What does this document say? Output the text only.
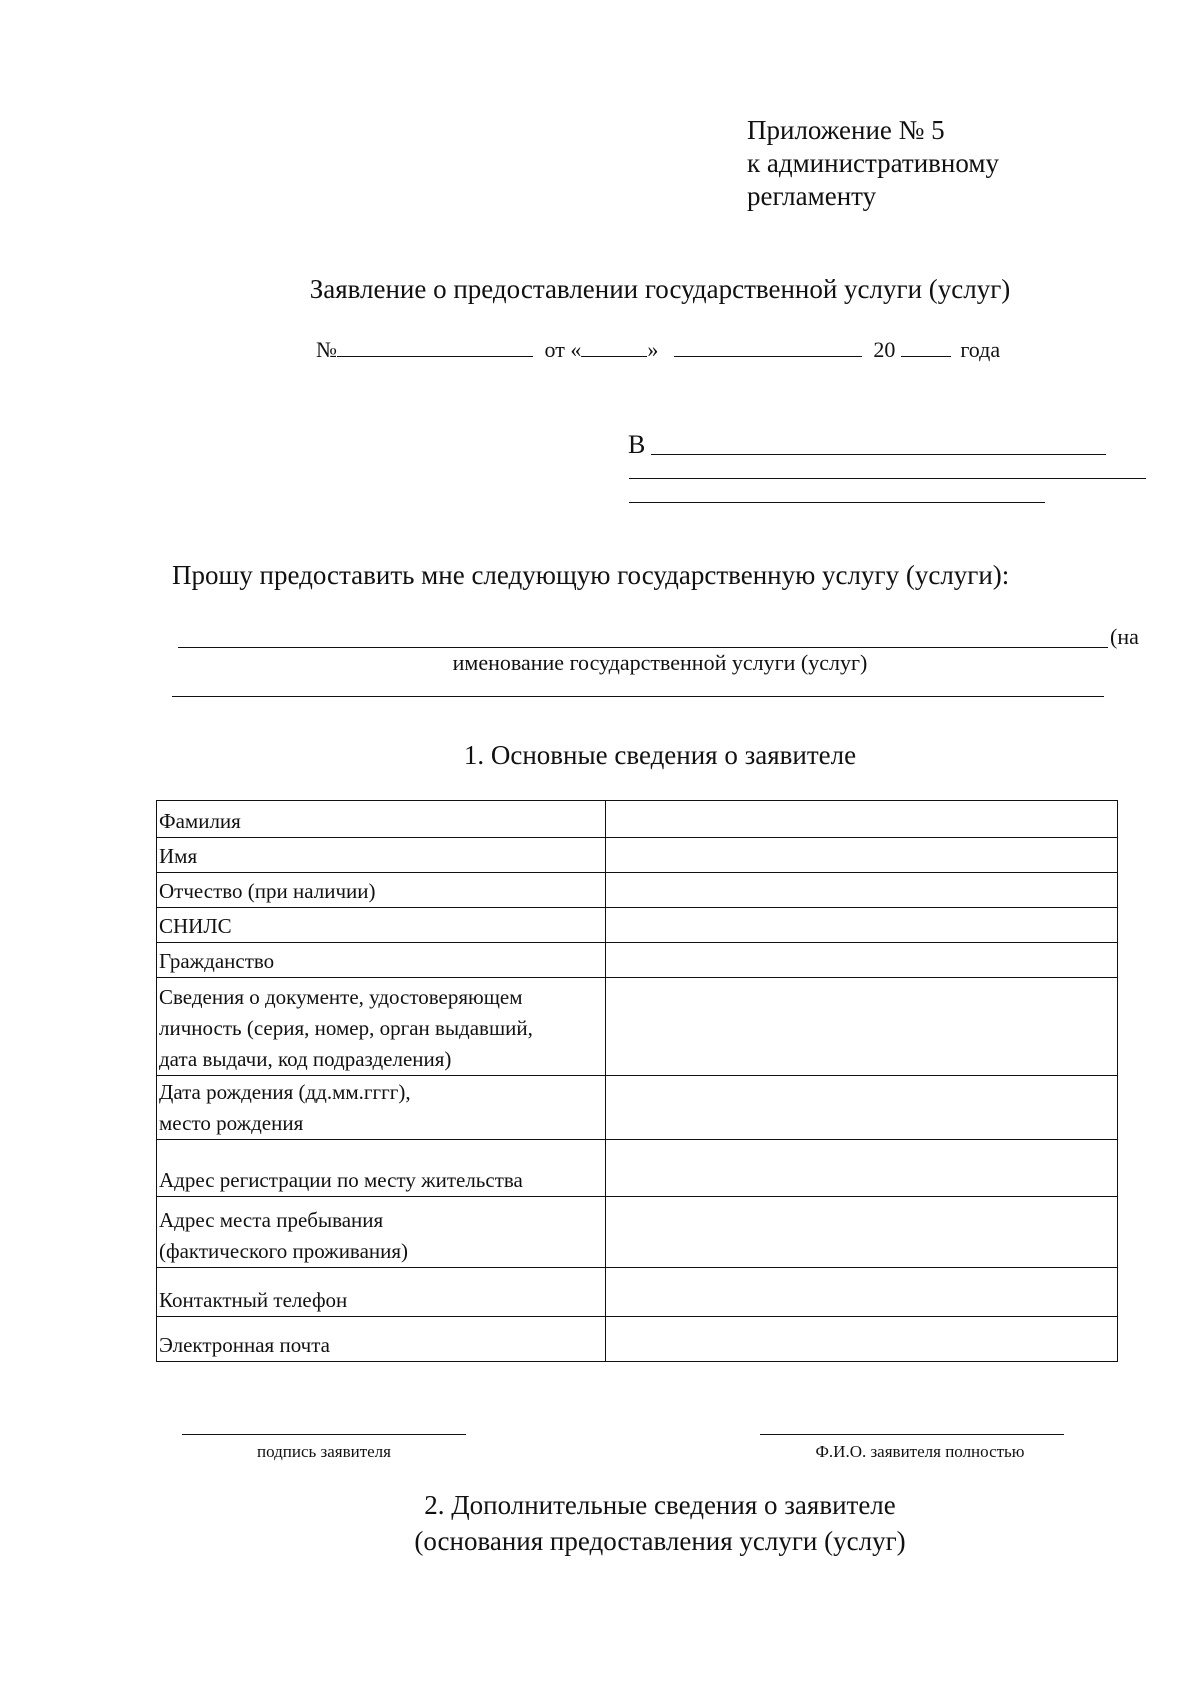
Приложение № 5
к административному
регламенту
Заявление о предоставлении государственной услуги (услуг)
№	от «	»	20	года
В
Прошу предоставить мне следующую государственную услугу (услуги):
(на
именование государственной услуги (услуг)
1. Основные сведения о заявителе
Фамилия	

Имя	

Отчество (при наличии)	

СНИЛС	

Гражданство	

Сведения о документе, удостоверяющем
личность (серия, номер, орган выдавший,
дата выдачи, код подразделения)	

Дата рождения (дд.мм.гггг),
место рождения	

Адрес регистрации по месту жительства	

Адрес места пребывания
(фактического проживания)	

Контактный телефон	

Электронная почта	

подпись заявителя	Ф.И.О. заявителя полностью
2. Дополнительные сведения о заявителе
(основания предоставления услуги (услуг)
